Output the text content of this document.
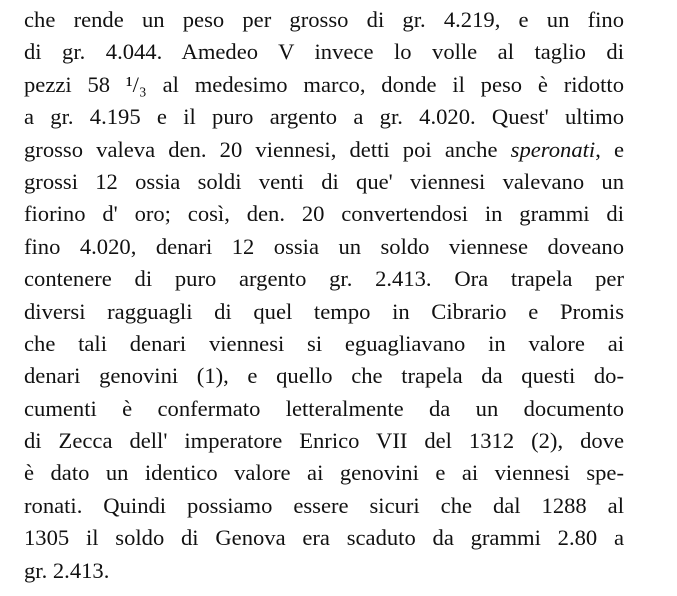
che rende un peso per grosso di gr. 4.219, e un fino
di gr. 4.044. Amedeo V invece lo volle al taglio di
pezzi 58 ¹/₃ al medesimo marco, donde il peso è ridotto
a gr. 4.195 e il puro argento a gr. 4.020. Quest' ultimo
grosso valeva den. 20 viennesi, detti poi anche speronati, e
grossi 12 ossia soldi venti di que' viennesi valevano un
fiorino d' oro; così, den. 20 convertendosi in grammi di
fino 4.020, denari 12 ossia un soldo viennese doveano
contenere di puro argento gr. 2.413. Ora trapela per
diversi ragguagli di quel tempo in Cibrario e Promis
che tali denari viennesi si eguagliavano in valore ai
denari genovini (1), e quello che trapela da questi do-
cumenti è confermato letteralmente da un documento
di Zecca dell' imperatore Enrico VII del 1312 (2), dove
è dato un identico valore ai genovini e ai viennesi spe-
ronati. Quindi possiamo essere sicuri che dal 1288 al
1305 il soldo di Genova era scaduto da grammi 2.80 a
gr. 2.413.
